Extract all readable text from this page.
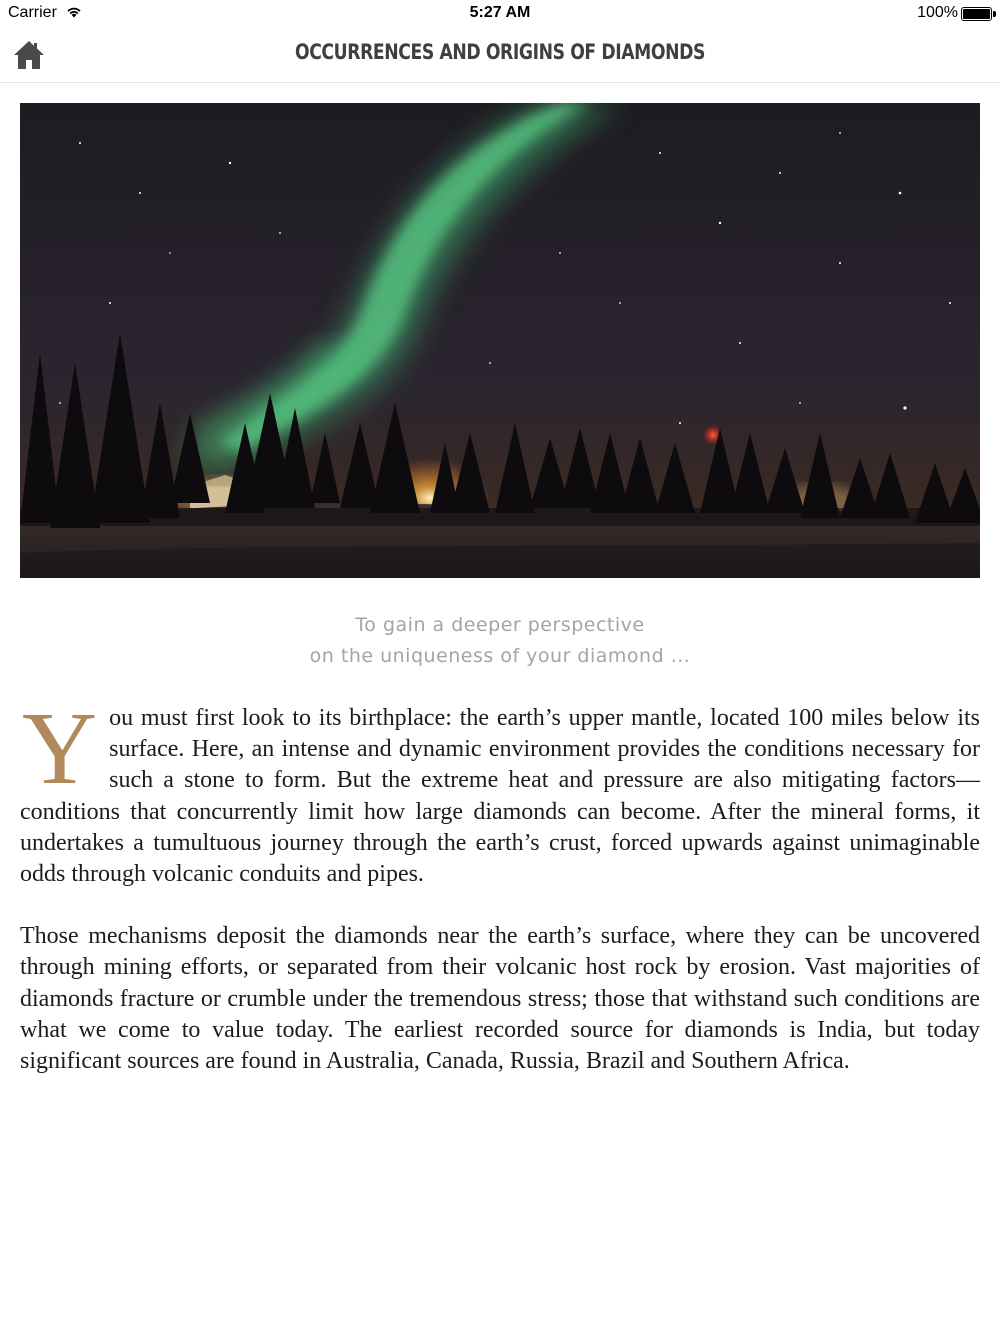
Carrier	5:27 AM	100%
OCCURRENCES AND ORIGINS OF DIAMONDS
To gain a deeper perspective
on the uniqueness of your diamond ...

You must first look to its birthplace: the earth’s upper mantle, located 100 miles below its surface. Here, an intense and dynamic environment provides the conditions necessary for such a stone to form. But the extreme heat and pressure are also mitigating factors—conditions that concurrently limit how large diamonds can become. After the mineral forms, it undertakes a tumultuous journey through the earth’s crust, forced upwards against unimaginable odds through volcanic conduits and pipes.

Those mechanisms deposit the diamonds near the earth’s surface, where they can be uncovered through mining efforts, or separated from their volcanic host rock by erosion. Vast majorities of diamonds fracture or crumble under the tremendous stress; those that withstand such conditions are what we come to value today. The earliest recorded source for diamonds is India, but today significant sources are found in Australia, Canada, Russia, Brazil and Southern Africa.
